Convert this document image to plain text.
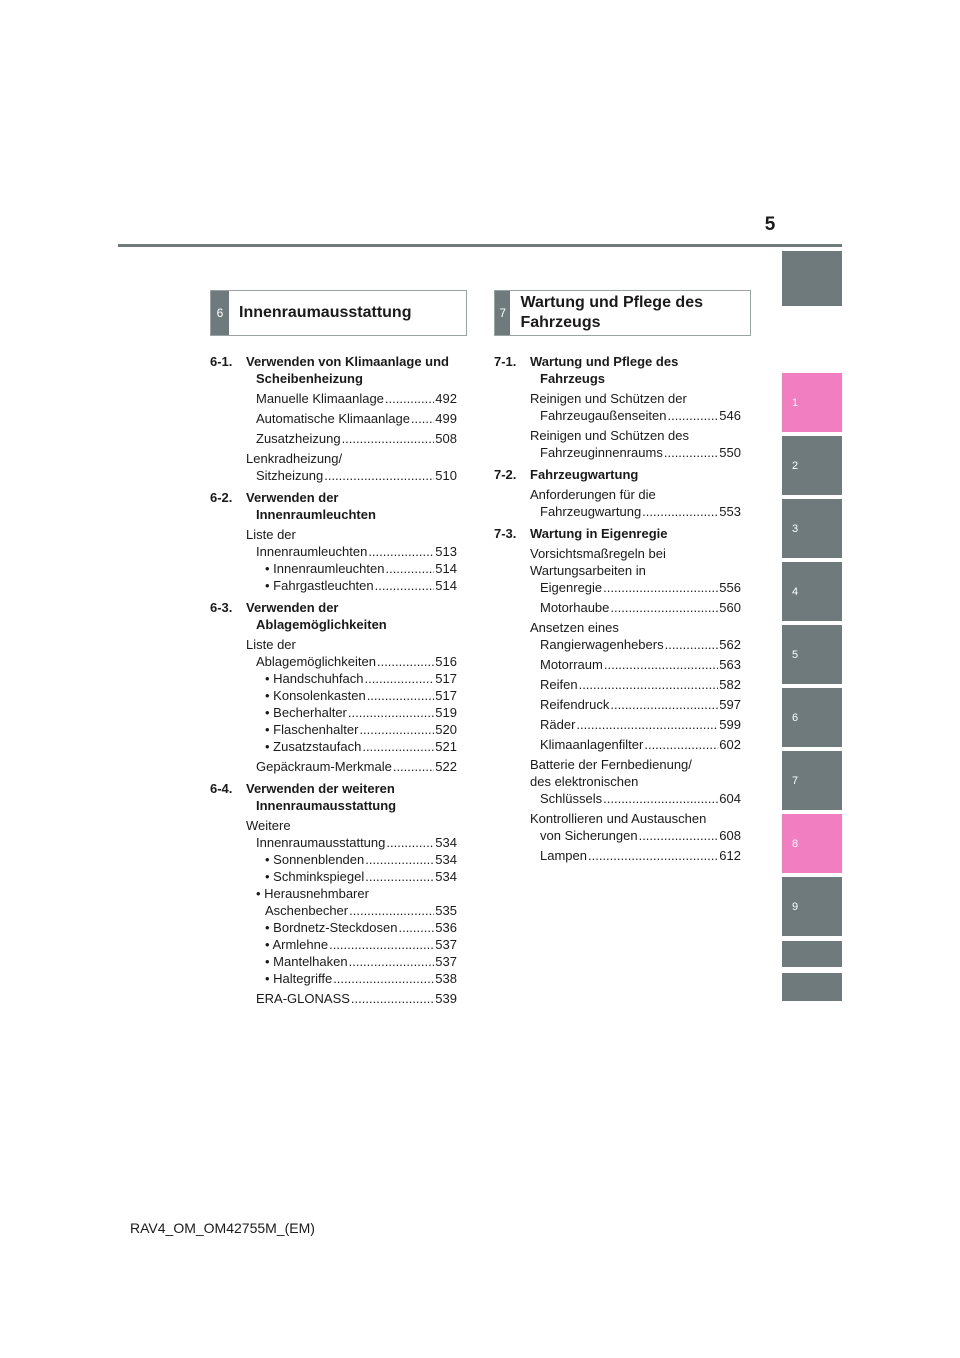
5
1
2
3
4
5
6
7
8
9
6 Innenraumausstattung	7
Wartung und Pflege des Fahrzeugs
6-1. Verwenden von Klimaanlage und Scheibenheizung
Manuelle Klimaanlage .....	492
Automatische Klimaanlage ..... 499
Zusatzheizung .....	508
Lenkradheizung/
Sitzheizung .....	510
6-2. Verwenden der Innenraumleuchten
Liste der
Innenraumleuchten .....	513
• Innenraumleuchten .....	514
• Fahrgastleuchten .....	514
6-3. Verwenden der Ablagemöglichkeiten
Liste der
Ablagemöglichkeiten .....	516
• Handschuhfach .....	517
• Konsolenkasten .....	517
• Becherhalter .....	519
• Flaschenhalter .....	520
• Zusatzstaufach .....	521
Gepäckraum-Merkmale .....	522
6-4. Verwenden der weiteren Innenraumausstattung
Weitere
Innenraumausstattung .....	534
• Sonnenblenden .....	534
• Schminkspiegel .....	534
• Herausnehmbarer
Aschenbecher .....	535
• Bordnetz-Steckdosen .....	536
• Armlehne .....	537
• Mantelhaken .....	537
• Haltegriffe .....	538
ERA-GLONASS .....	539
7-1. Wartung und Pflege des Fahrzeugs
Reinigen und Schützen der
Fahrzeugaußenseiten .....	546
Reinigen und Schützen des
Fahrzeuginnenraums .....	550
7-2. Fahrzeugwartung
Anforderungen für die
Fahrzeugwartung .....	553
7-3. Wartung in Eigenregie
Vorsichtsmaßregeln bei
Wartungsarbeiten in
Eigenregie .....	556
Motorhaube .....	560
Ansetzen eines
Rangierwagenhebers .....	562
Motorraum .....	563
Reifen .....	582
Reifendruck .....	597
Räder .....	599
Klimaanlagenfilter .....	602
Batterie der Fernbedienung/
des elektronischen
Schlüssels .....	604
Kontrollieren und Austauschen
von Sicherungen .....	608
Lampen .....	612
RAV4_OM_OM42755M_(EM)
